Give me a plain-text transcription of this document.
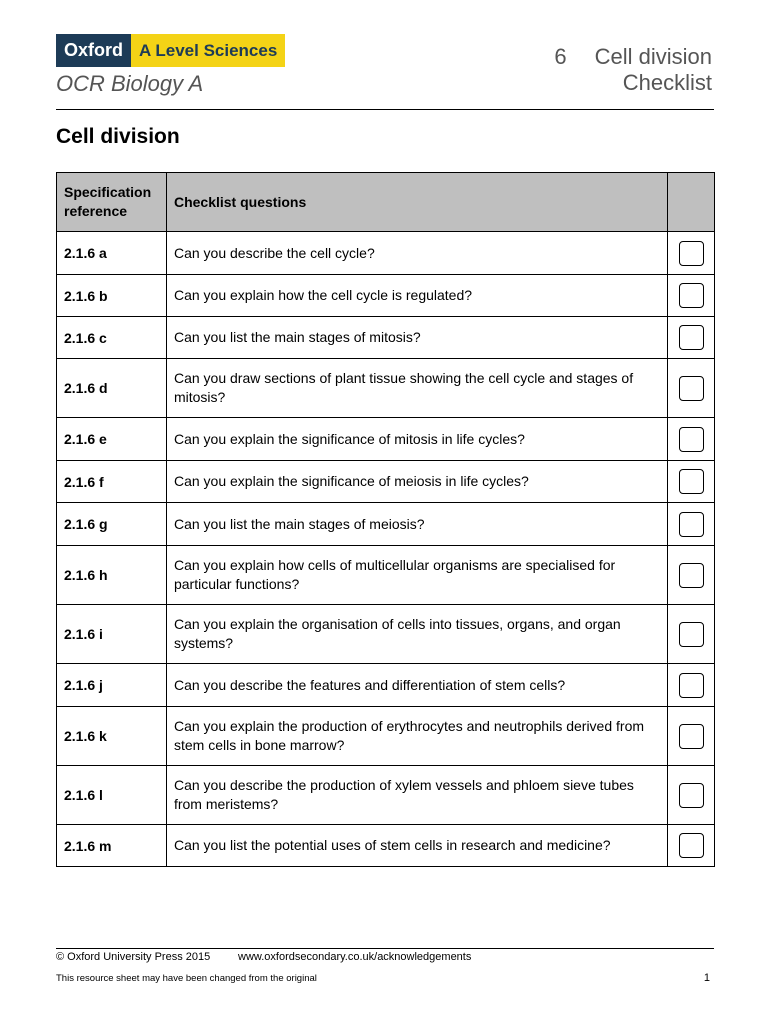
Oxford A Level Sciences
OCR Biology A
6 Cell division
Checklist
Cell division
Specification reference	Checklist questions	
2.1.6 a	Can you describe the cell cycle?	
2.1.6 b	Can you explain how the cell cycle is regulated?	
2.1.6 c	Can you list the main stages of mitosis?	
2.1.6 d	Can you draw sections of plant tissue showing the cell cycle and stages of mitosis?	
2.1.6 e	Can you explain the significance of mitosis in life cycles?	
2.1.6 f	Can you explain the significance of meiosis in life cycles?	
2.1.6 g	Can you list the main stages of meiosis?	
2.1.6 h	Can you explain how cells of multicellular organisms are specialised for particular functions?	
2.1.6 i	Can you explain the organisation of cells into tissues, organs, and organ systems?	
2.1.6 j	Can you describe the features and differentiation of stem cells?	
2.1.6 k	Can you explain the production of erythrocytes and neutrophils derived from stem cells in bone marrow?	
2.1.6 l	Can you describe the production of xylem vessels and phloem sieve tubes from meristems?	
2.1.6 m	Can you list the potential uses of stem cells in research and medicine?	
© Oxford University Press 2015	www.oxfordsecondary.co.uk/acknowledgements
This resource sheet may have been changed from the original	1
